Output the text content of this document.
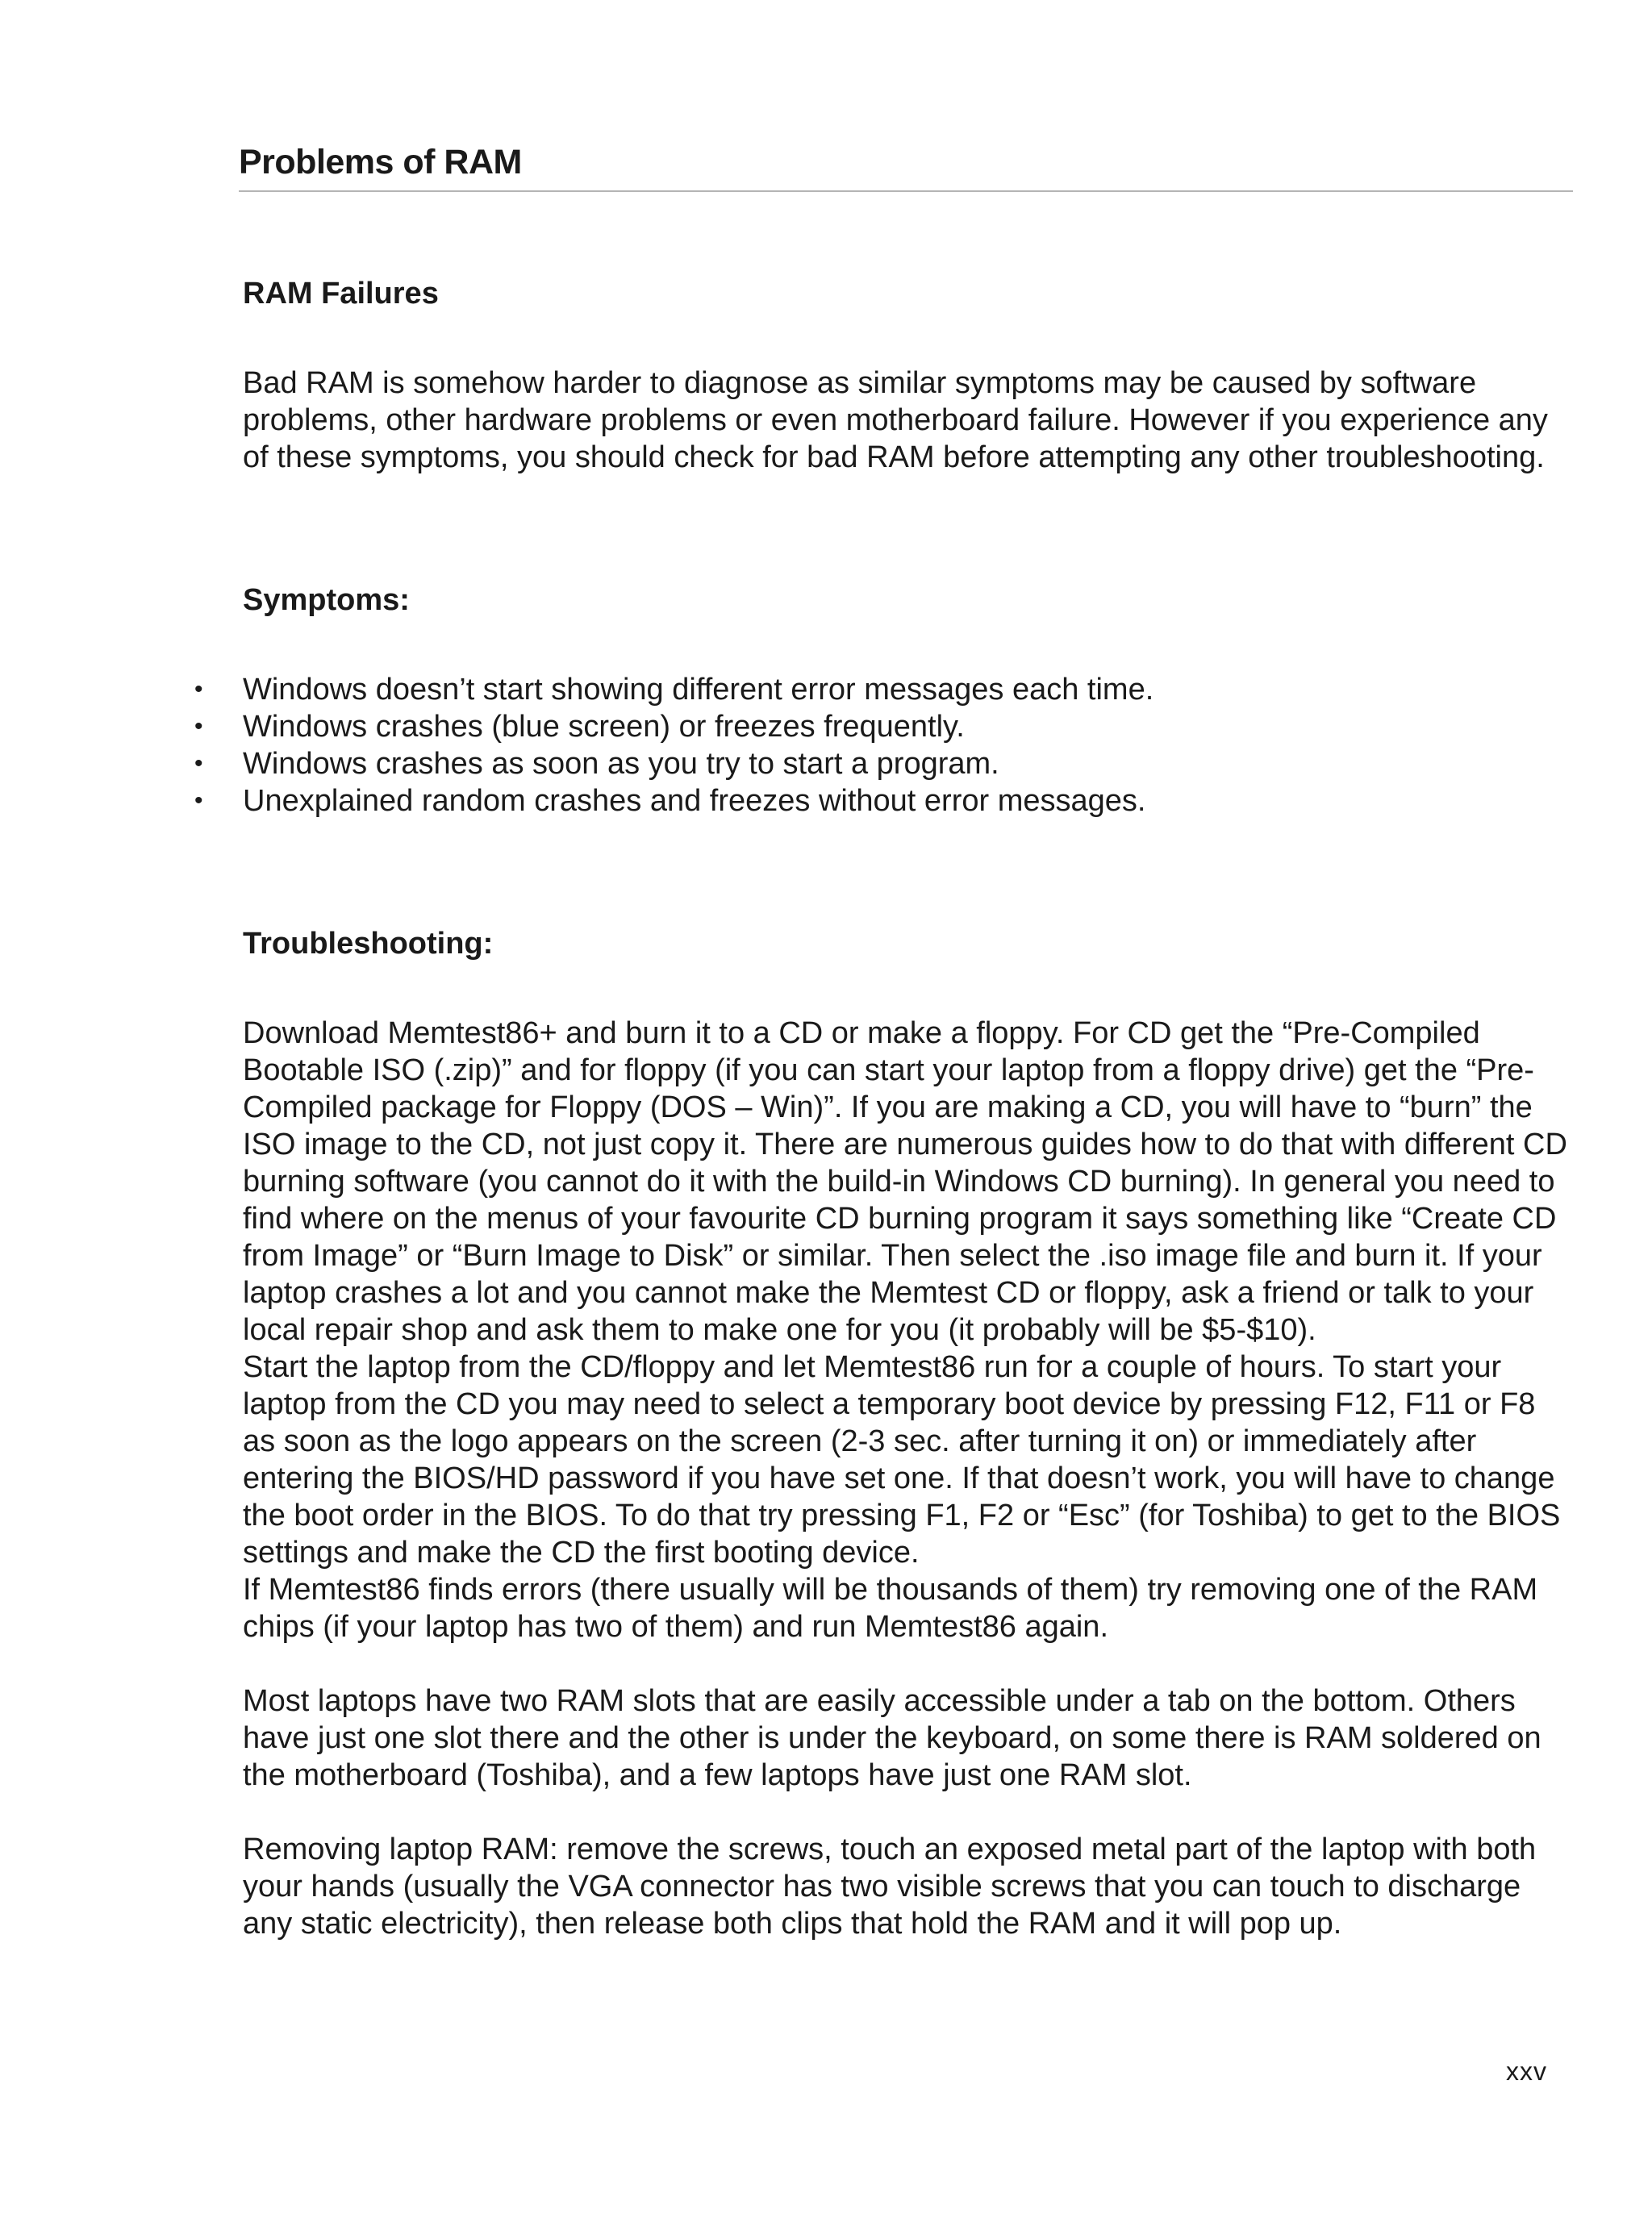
Problems of RAM
RAM Failures

Bad RAM is somehow harder to diagnose as similar symptoms may be caused by software problems, other hardware problems or even motherboard failure. However if you experience any of these symptoms, you should check for bad RAM before attempting any other troubleshooting.

Symptoms:
• Windows doesn’t start showing different error messages each time.
• Windows crashes (blue screen) or freezes frequently.
• Windows crashes as soon as you try to start a program.
• Unexplained random crashes and freezes without error messages.
Troubleshooting:

Download Memtest86+ and burn it to a CD or make a floppy. For CD get the “Pre-Compiled Bootable ISO (.zip)” and for floppy (if you can start your laptop from a floppy drive) get the “Pre-Compiled package for Floppy (DOS – Win)”. If you are making a CD, you will have to “burn” the ISO image to the CD, not just copy it. There are numerous guides how to do that with different CD burning software (you cannot do it with the build-in Windows CD burning). In general you need to find where on the menus of your favourite CD burning program it says something like “Create CD from Image” or “Burn Image to Disk” or similar. Then select the .iso image file and burn it. If your laptop crashes a lot and you cannot make the Memtest CD or floppy, ask a friend or talk to your local repair shop and ask them to make one for you (it probably will be $5-$10).

Start the laptop from the CD/floppy and let Memtest86 run for a couple of hours. To start your laptop from the CD you may need to select a temporary boot device by pressing F12, F11 or F8 as soon as the logo appears on the screen (2-3 sec. after turning it on) or immediately after entering the BIOS/HD password if you have set one. If that doesn’t work, you will have to change the boot order in the BIOS. To do that try pressing F1, F2 or “Esc” (for Toshiba) to get to the BIOS settings and make the CD the first booting device.

If Memtest86 finds errors (there usually will be thousands of them) try removing one of the RAM chips (if your laptop has two of them) and run Memtest86 again.

Most laptops have two RAM slots that are easily accessible under a tab on the bottom. Others have just one slot there and the other is under the keyboard, on some there is RAM soldered on the motherboard (Toshiba), and a few laptops have just one RAM slot.

Removing laptop RAM: remove the screws, touch an exposed metal part of the laptop with both your hands (usually the VGA connector has two visible screws that you can touch to discharge any static electricity), then release both clips that hold the RAM and it will pop up.

xxv
